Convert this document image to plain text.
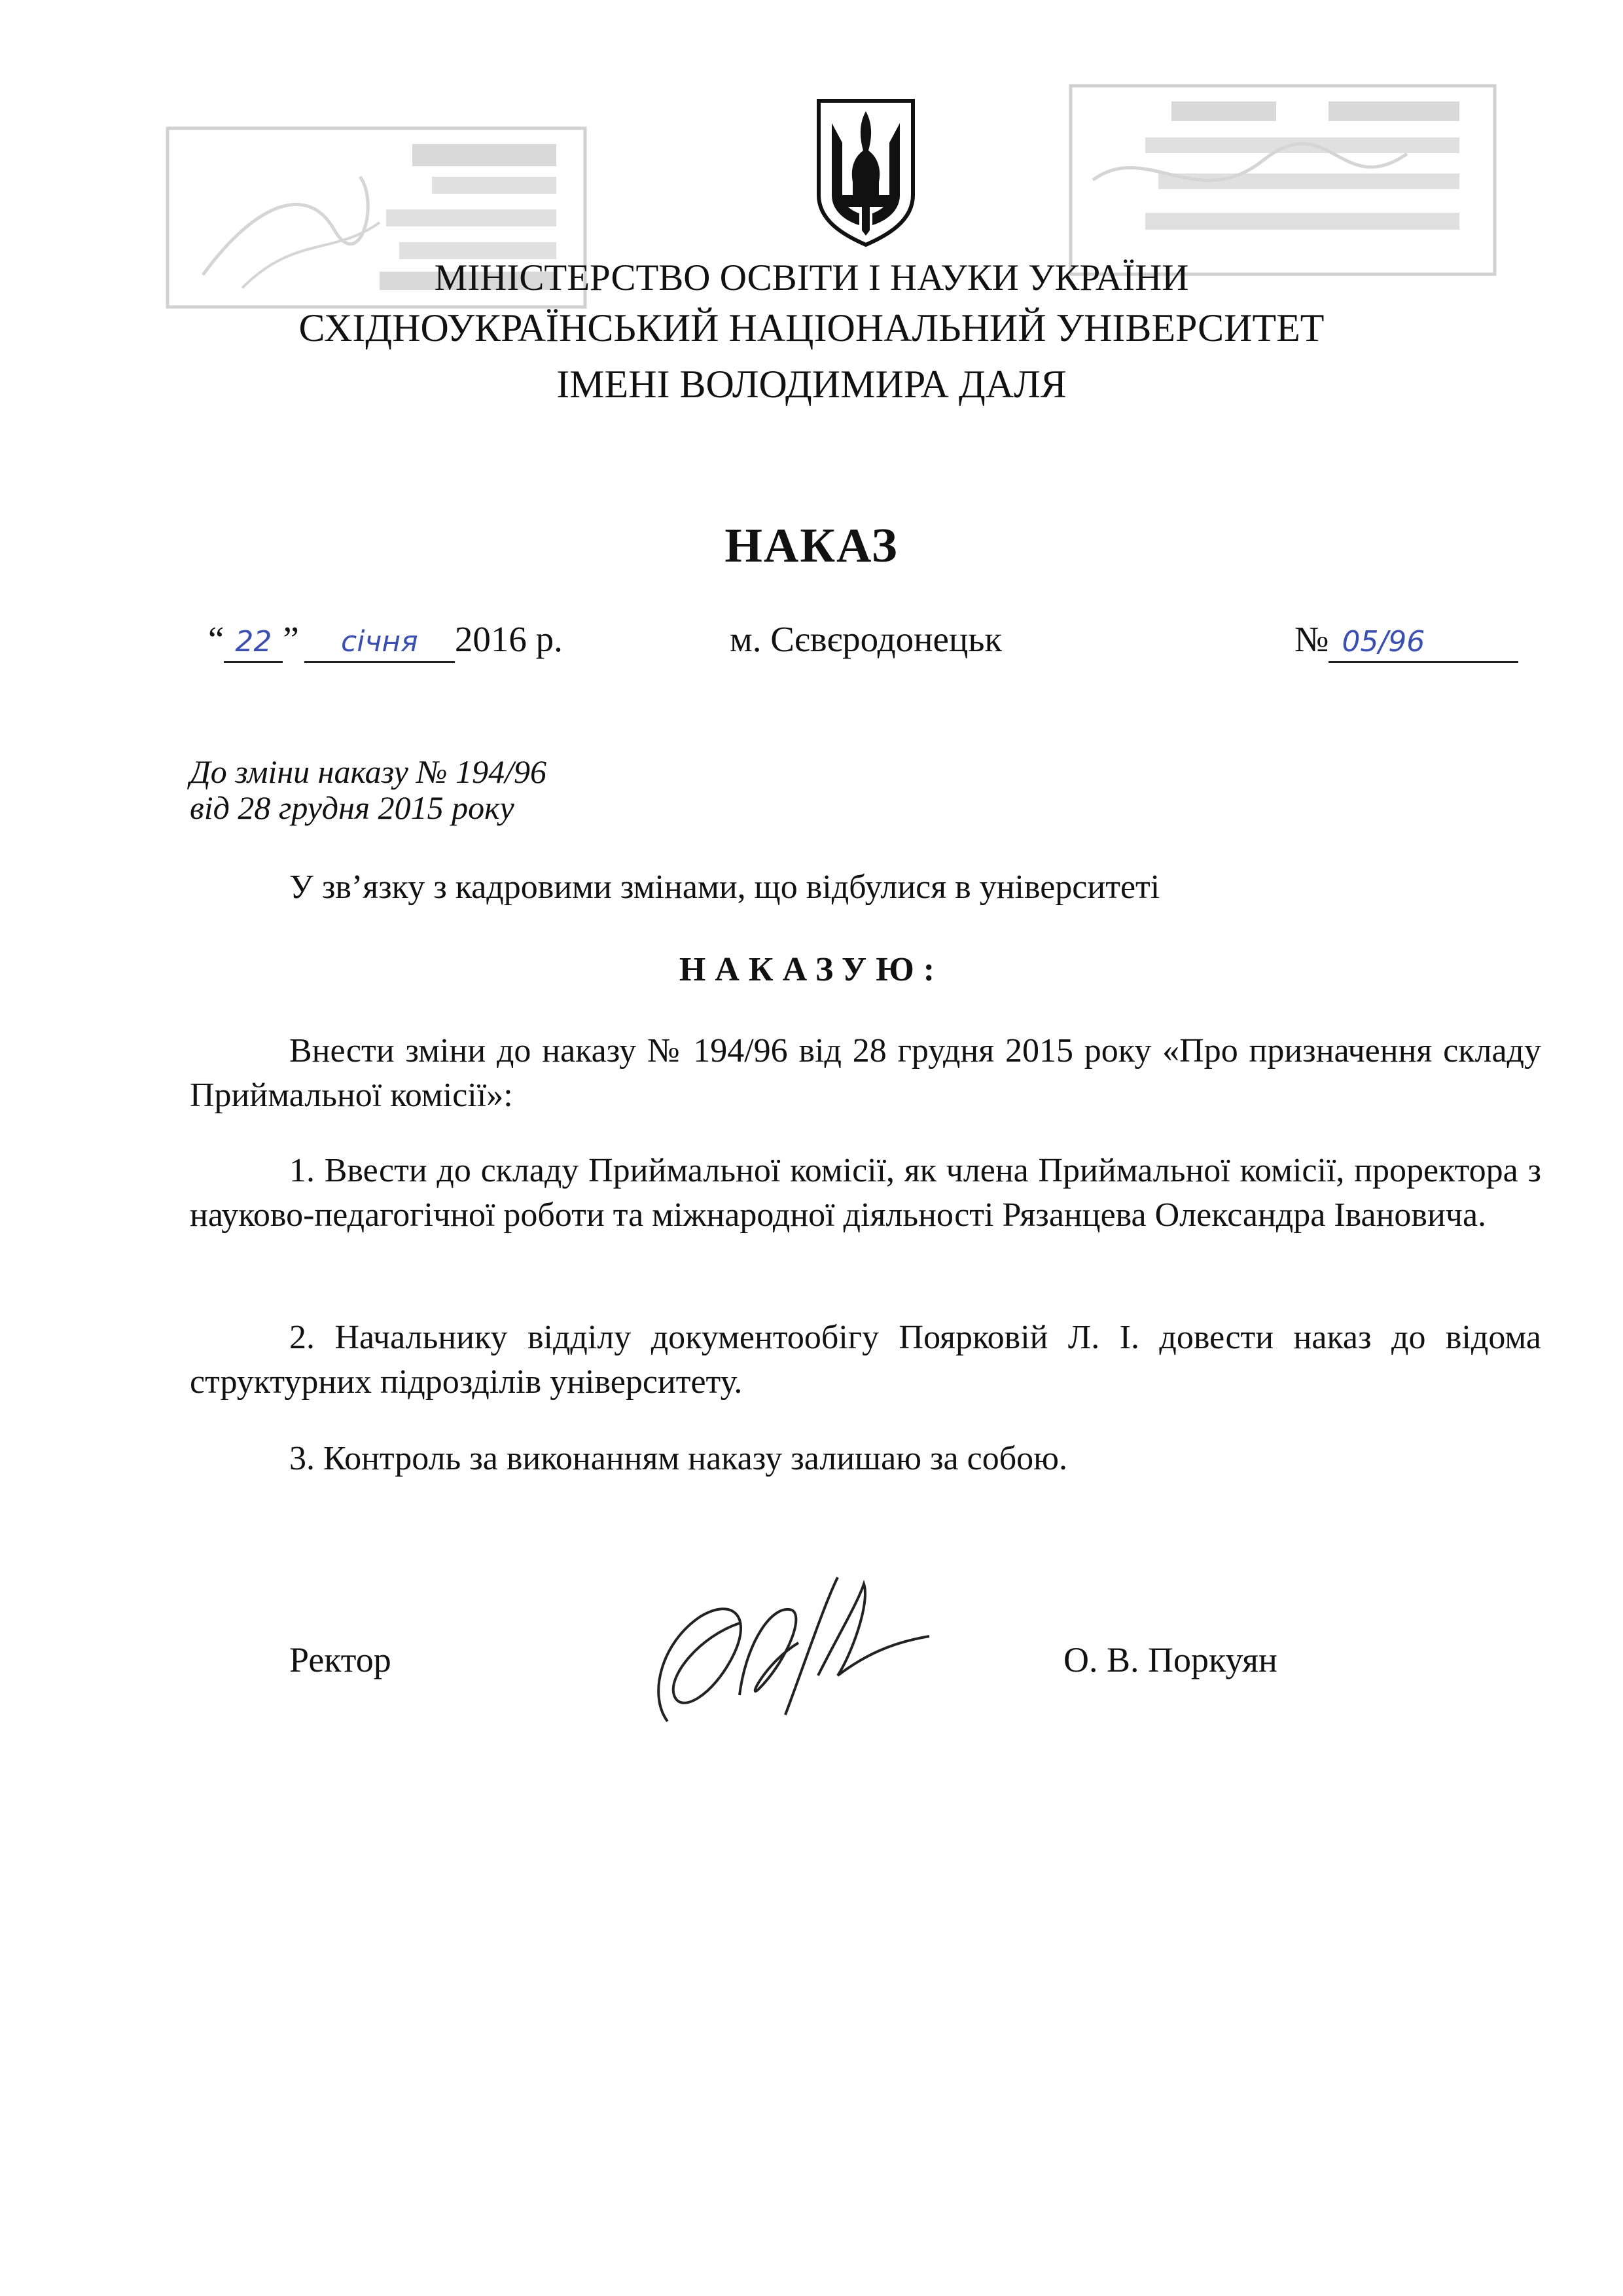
МІНІСТЕРСТВО ОСВІТИ І НАУКИ УКРАЇНИ
СХІДНОУКРАЇНСЬКИЙ НАЦІОНАЛЬНИЙ УНІВЕРСИТЕТ
ІМЕНІ ВОЛОДИМИРА ДАЛЯ
НАКАЗ
“ 22 ” січня 2016 р.	м. Сєвєродонецьк	№ 05/96
До зміни наказу № 194/96
від 28 грудня 2015 року
У зв’язку з кадровими змінами, що відбулися в університеті
НАКАЗУЮ:
Внести зміни до наказу № 194/96 від 28 грудня 2015 року «Про призначення складу Приймальної комісії»:
1. Ввести до складу Приймальної комісії, як члена Приймальної комісії, проректора з науково-педагогічної роботи та міжнародної діяльності Рязанцева Олександра Івановича.
2. Начальнику відділу документообігу Поярковій Л. І. довести наказ до відома структурних підрозділів університету.
3. Контроль за виконанням наказу залишаю за собою.
Ректор	О. В. Поркуян
